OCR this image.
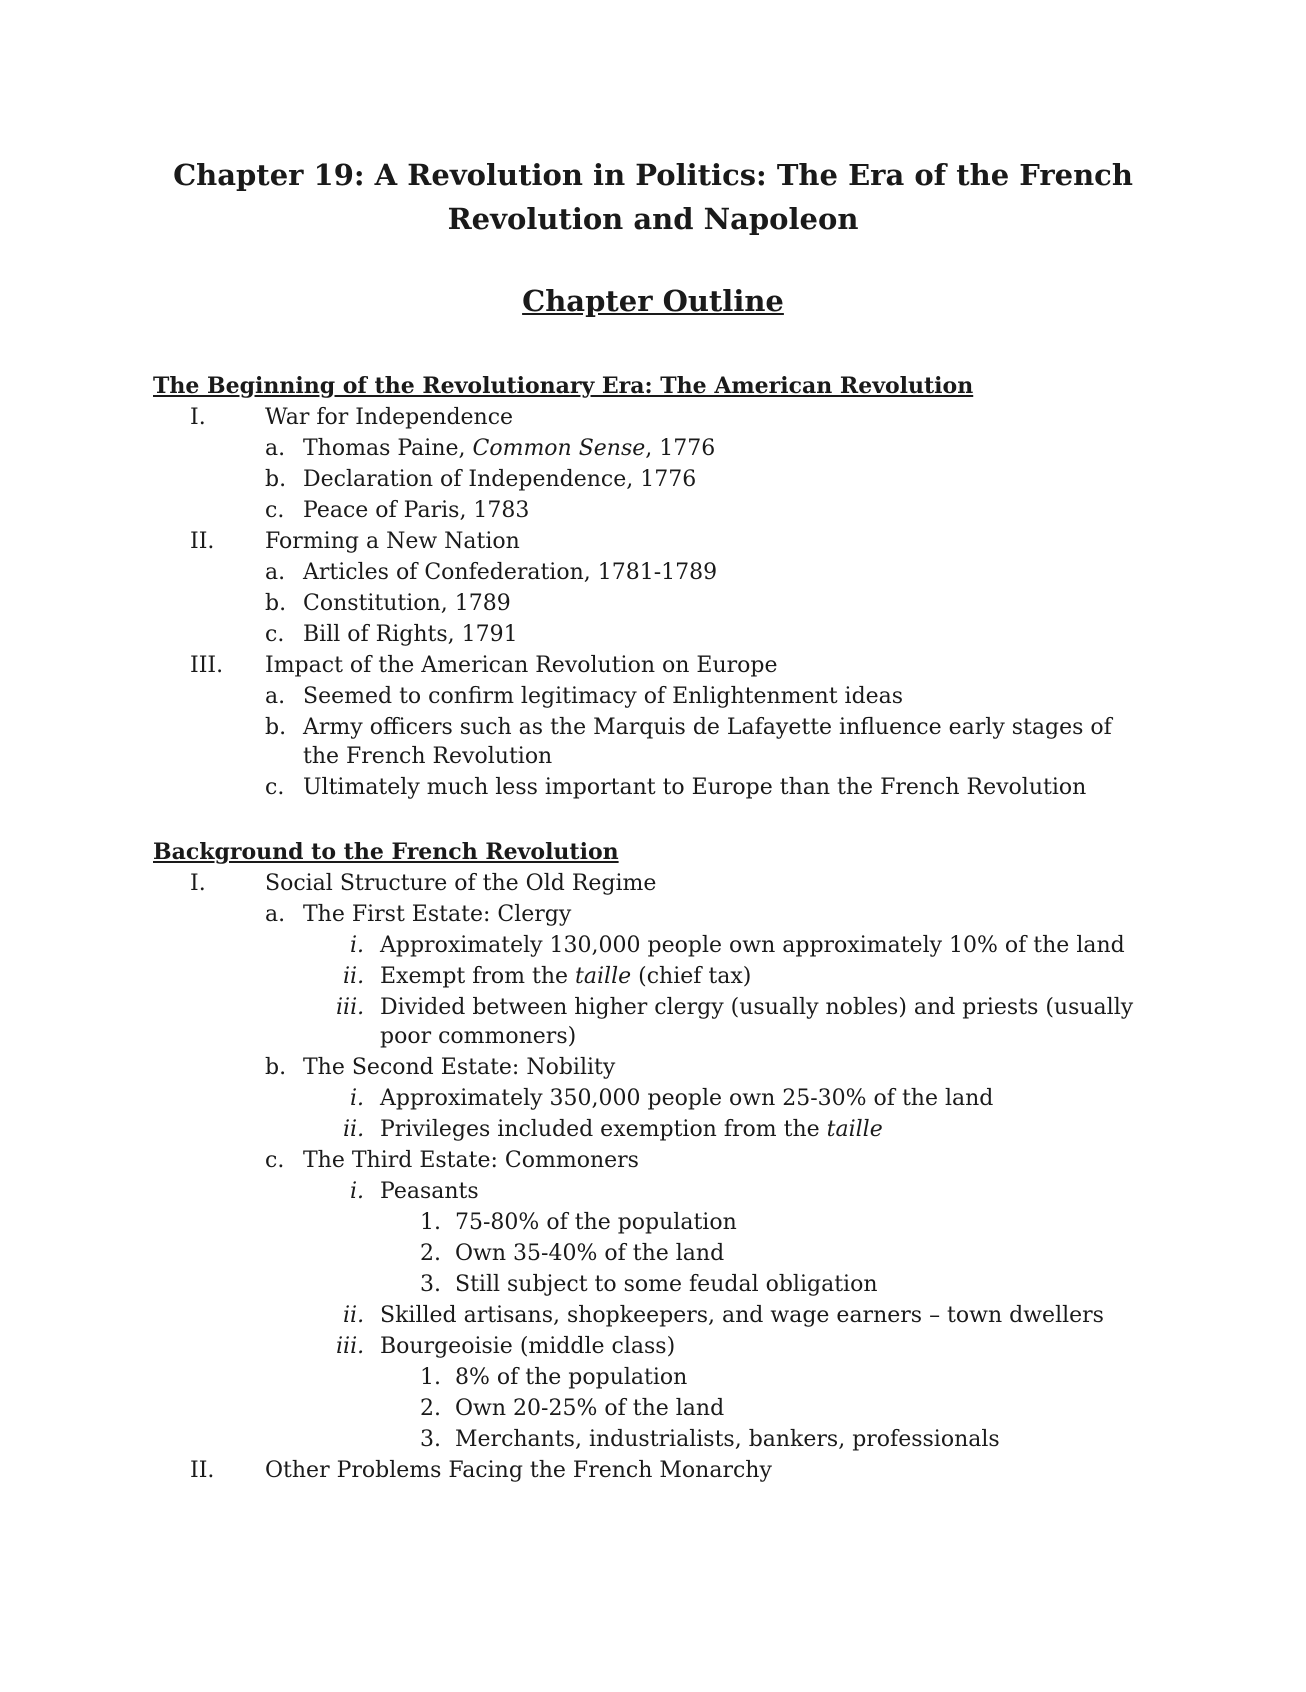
Chapter 19: A Revolution in Politics: The Era of the French
Revolution and Napoleon
Chapter Outline
The Beginning of the Revolutionary Era: The American Revolution
I.	War for Independence
a. Thomas Paine, Common Sense, 1776
b. Declaration of Independence, 1776
c. Peace of Paris, 1783
II. Forming a New Nation
a. Articles of Confederation, 1781-1789
b. Constitution, 1789
c. Bill of Rights, 1791
III. Impact of the American Revolution on Europe
a. Seemed to confirm legitimacy of Enlightenment ideas
b. Army officers such as the Marquis de Lafayette influence early stages of
the French Revolution
c. Ultimately much less important to Europe than the French Revolution
Background to the French Revolution
I.	Social Structure of the Old Regime
a. The First Estate: Clergy
i. Approximately 130,000 people own approximately 10% of the land
ii. Exempt from the taille (chief tax)
iii. Divided between higher clergy (usually nobles) and priests (usually
poor commoners)
b. The Second Estate: Nobility
i. Approximately 350,000 people own 25-30% of the land
ii. Privileges included exemption from the taille
c. The Third Estate: Commoners
i. Peasants
1. 75-80% of the population
2. Own 35-40% of the land
3. Still subject to some feudal obligation
ii. Skilled artisans, shopkeepers, and wage earners – town dwellers
iii. Bourgeoisie (middle class)
1. 8% of the population
2. Own 20-25% of the land
3. Merchants, industrialists, bankers, professionals
II. Other Problems Facing the French Monarchy
